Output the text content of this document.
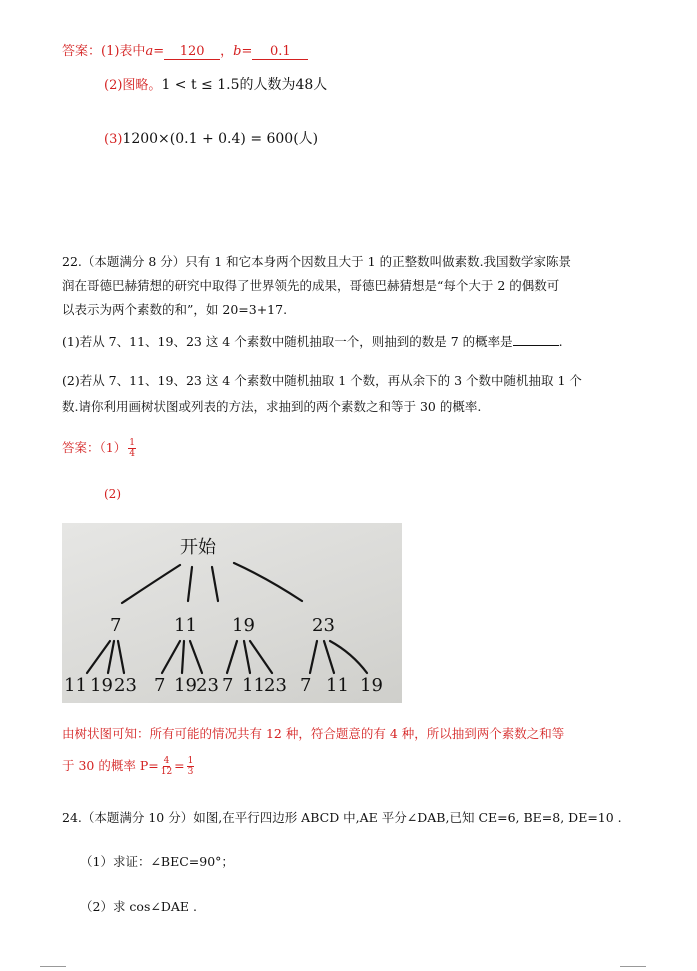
答案：(1)表中a= 120 ，b= 0.1
(2)图略。1 < t ≤ 1.5的人数为48人
(3)1200×(0.1 + 0.4) = 600(人)
22.（本题满分 8 分）只有 1 和它本身两个因数且大于 1 的正整数叫做素数.我国数学家陈景
润在哥德巴赫猜想的研究中取得了世界领先的成果，哥德巴赫猜想是“每个大于 2 的偶数可
以表示为两个素数的和”，如 20=3+17.
(1)若从 7、11、19、23 这 4 个素数中随机抽取一个，则抽到的数是 7 的概率是	.
(2)若从 7、11、19、23 这 4 个素数中随机抽取 1 个数，再从余下的 3 个数中随机抽取 1 个
数.请你利用画树状图或列表的方法，求抽到的两个素数之和等于 30 的概率.
答案：$(1) \frac{1}{4}$
(2)
开始
7	11 19	23
11 19 23 7 19 23 7 11 23 7 11 19
由树状图可知：所有可能的情况共有 12 种，符合题意的有 4 种，所以抽到两个素数之和等
于 30 的概率 $P= \frac{4}{12} = \frac{1}{3}$
24.（本题满分 10 分）如图,在平行四边形 ABCD 中,AE 平分∠DAB,已知 CE=6, BE=8, DE=10 .
（1）求证：∠BEC=90°；
（2）求 cos∠DAE .
